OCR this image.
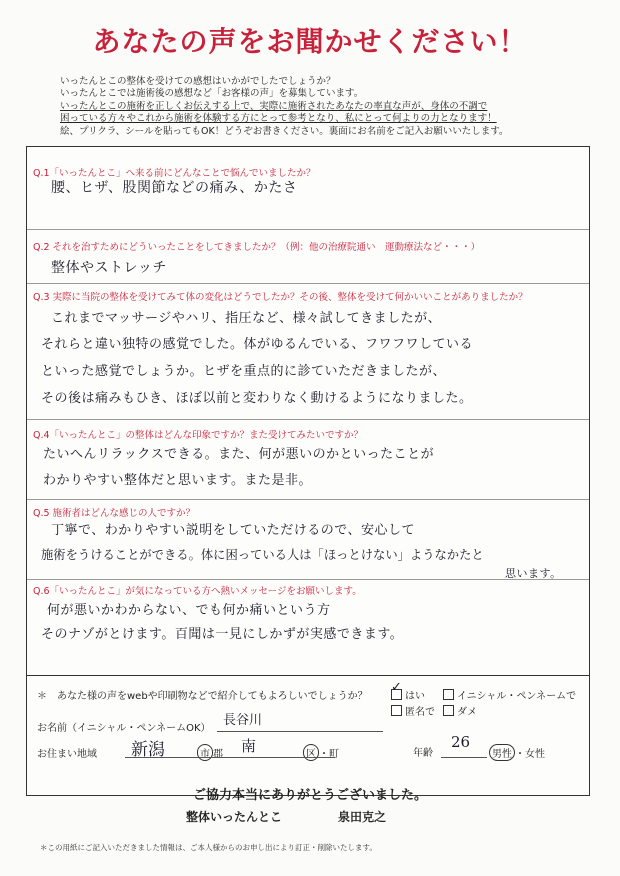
あなたの声をお聞かせください！
いったんとこの整体を受けての感想はいかがでしたでしょうか？
いったんとこでは施術後の感想など「お客様の声」を募集しています。
いったんとこの施術を正しくお伝えする上で、実際に施術されたあなたの率直な声が、身体の不調で
困っている方々やこれから施術を体験する方にとって参考となり、私にとって何よりの力となります！
絵、プリクラ、シールを貼ってもOK！どうぞお書きください。裏面にお名前をご記入お願いいたします。
Q.1「いったんとこ」へ来る前にどんなことで悩んでいましたか？
腰、ヒザ、股関節などの痛み、かたさ
Q.2 それを治すためにどういったことをしてきましたか？（例：他の治療院通い　運動療法など・・・）
整体やストレッチ
Q.3 実際に当院の整体を受けてみて体の変化はどうでしたか？その後、整体を受けて何かいいことがありましたか？
これまでマッサージやハリ、指圧など、様々試してきましたが、
それらと違い独特の感覚でした。体がゆるんでいる、フワフワしている
といった感覚でしょうか。ヒザを重点的に診ていただきましたが、
その後は痛みもひき、ほぼ以前と変わりなく動けるようになりました。
Q.4「いったんとこ」の整体はどんな印象ですか？また受けてみたいですか？
たいへんリラックスできる。また、何が悪いのかといったことが
わかりやすい整体だと思います。また是非。
Q.5 施術者はどんな感じの人ですか？
丁寧で、わかりやすい説明をしていただけるので、安心して
施術をうけることができる。体に困っている人は「ほっとけない」ようなかたと
思います。
Q.6「いったんとこ」が気になっている方へ熱いメッセージをお願いします。
何が悪いかわからない、でも何か痛いという方
そのナゾがとけます。百聞は一見にしかずが実感できます。
＊　あなた様の声をwebや印刷物などで紹介してもよろしいでしょうか？	はい
✓
イニシャル・ペンネームで
匿名で	ダメ
お名前（イニシャル・ペンネームOK）
長谷川
お住まい地域 新潟	市 郡 南	区 ・町	年齢
26
男性 ・女性
ご協力本当にありがとうございました。
整体いったんとこ	泉田克之
＊この用紙にご記入いただきました情報は、ご本人様からのお申し出により訂正・削除いたします。
